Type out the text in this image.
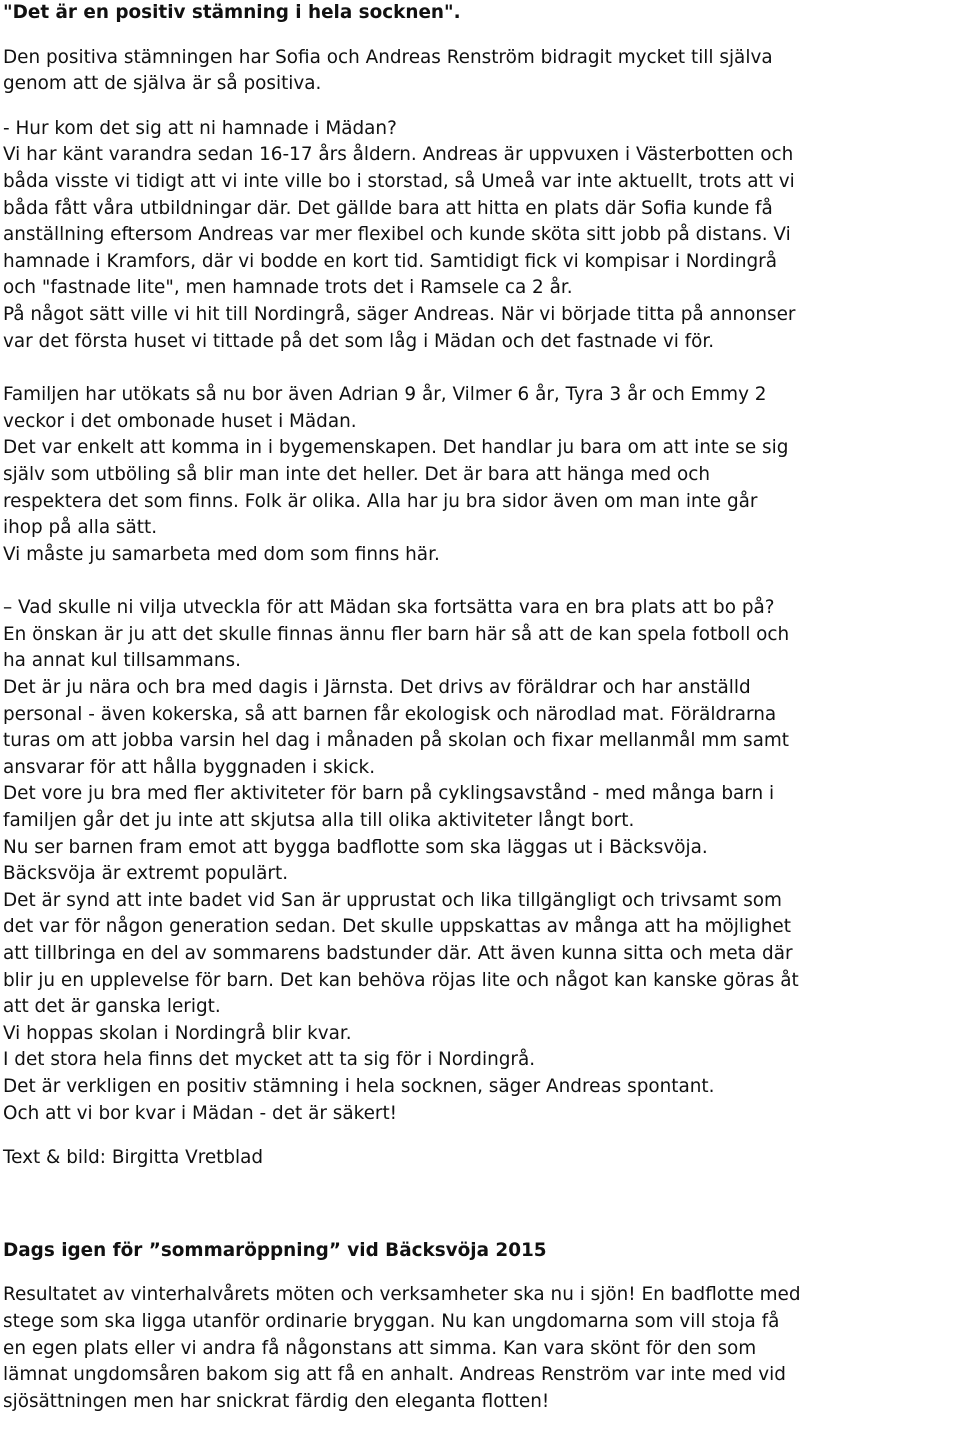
"Det är en positiv stämning i hela socknen".
Den positiva stämningen har Sofia och Andreas Renström bidragit mycket till själva
genom att de själva är så positiva.
- Hur kom det sig att ni hamnade i Mädan?
Vi har känt varandra sedan 16-17 års åldern. Andreas är uppvuxen i Västerbotten och
båda visste vi tidigt att vi inte ville bo i storstad, så Umeå var inte aktuellt, trots att vi
båda fått våra utbildningar där. Det gällde bara att hitta en plats där Sofia kunde få
anställning eftersom Andreas var mer flexibel och kunde sköta sitt jobb på distans. Vi
hamnade i Kramfors, där vi bodde en kort tid. Samtidigt fick vi kompisar i Nordingrå
och "fastnade lite", men hamnade trots det i Ramsele ca 2 år.
På något sätt ville vi hit till Nordingrå, säger Andreas. När vi började titta på annonser
var det första huset vi tittade på det som låg i Mädan och det fastnade vi för.
Familjen har utökats så nu bor även Adrian 9 år, Vilmer 6 år, Tyra 3 år och Emmy 2
veckor i det ombonade huset i Mädan.
Det var enkelt att komma in i bygemenskapen. Det handlar ju bara om att inte se sig
själv som utböling så blir man inte det heller. Det är bara att hänga med och
respektera det som finns. Folk är olika. Alla har ju bra sidor även om man inte går
ihop på alla sätt.
Vi måste ju samarbeta med dom som finns här.
– Vad skulle ni vilja utveckla för att Mädan ska fortsätta vara en bra plats att bo på?
En önskan är ju att det skulle finnas ännu fler barn här så att de kan spela fotboll och
ha annat kul tillsammans.
Det är ju nära och bra med dagis i Järnsta. Det drivs av föräldrar och har anställd
personal - även kokerska, så att barnen får ekologisk och närodlad mat. Föräldrarna
turas om att jobba varsin hel dag i månaden på skolan och fixar mellanmål mm samt
ansvarar för att hålla byggnaden i skick.
Det vore ju bra med fler aktiviteter för barn på cyklingsavstånd - med många barn i
familjen går det ju inte att skjutsa alla till olika aktiviteter långt bort.
Nu ser barnen fram emot att bygga badflotte som ska läggas ut i Bäcksvöja.
Bäcksvöja är extremt populärt.
Det är synd att inte badet vid San är upprustat och lika tillgängligt och trivsamt som
det var för någon generation sedan. Det skulle uppskattas av många att ha möjlighet
att tillbringa en del av sommarens badstunder där. Att även kunna sitta och meta där
blir ju en upplevelse för barn. Det kan behöva röjas lite och något kan kanske göras åt
att det är ganska lerigt.
Vi hoppas skolan i Nordingrå blir kvar.
I det stora hela finns det mycket att ta sig för i Nordingrå.
Det är verkligen en positiv stämning i hela socknen, säger Andreas spontant.
Och att vi bor kvar i Mädan - det är säkert!
Text & bild: Birgitta Vretblad
Dags igen för ”sommaröppning” vid Bäcksvöja 2015
Resultatet av vinterhalvårets möten och verksamheter ska nu i sjön! En badflotte med
stege som ska ligga utanför ordinarie bryggan. Nu kan ungdomarna som vill stoja få
en egen plats eller vi andra få någonstans att simma. Kan vara skönt för den som
lämnat ungdomsåren bakom sig att få en anhalt. Andreas Renström var inte med vid
sjösättningen men har snickrat färdig den eleganta flotten!
